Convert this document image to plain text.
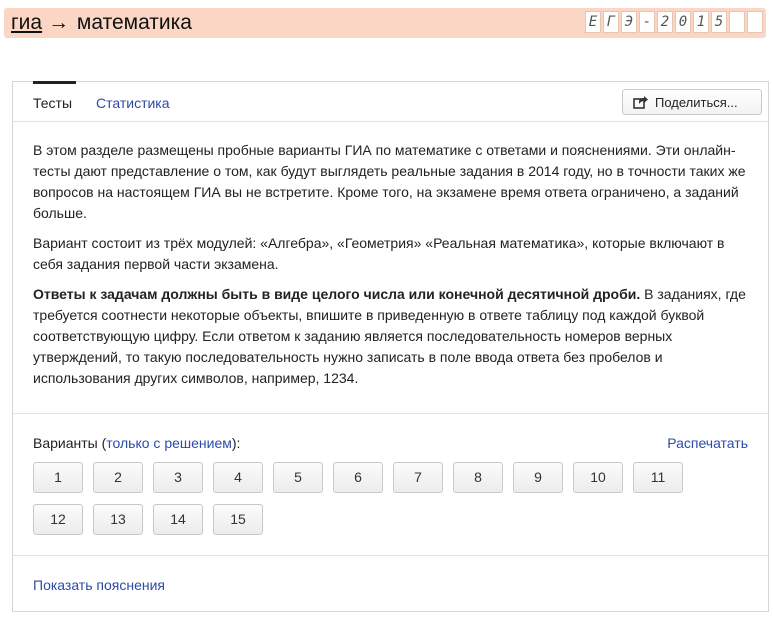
гиа → математика	Е Г Э - 2 0 1 5
Тесты Статистика	Поделиться...

В этом разделе размещены пробные варианты ГИА по математике с ответами и пояснениями. Эти онлайн-тесты дают представление о том, как будут выглядеть реальные задания в 2014 году, но в точности таких же вопросов на настоящем ГИА вы не встретите. Кроме того, на экзамене время ответа ограничено, а заданий больше.

Вариант состоит из трёх модулей: «Алгебра», «Геометрия» «Реальная математика», которые включают в себя задания первой части экзамена.

Ответы к задачам должны быть в виде целого числа или конечной десятичной дроби. В заданиях, где требуется соотнести некоторые объекты, впишите в приведенную в ответе таблицу под каждой буквой соответствующую цифру. Если ответом к заданию является последовательность номеров верных утверждений, то такую последовательность нужно записать в поле ввода ответа без пробелов и использования других символов, например, 1234.

Варианты (только с решением):	Распечатать
1	2	3	4	5	6	7	8	9	10	11
12	13	14	15
Показать пояснения
